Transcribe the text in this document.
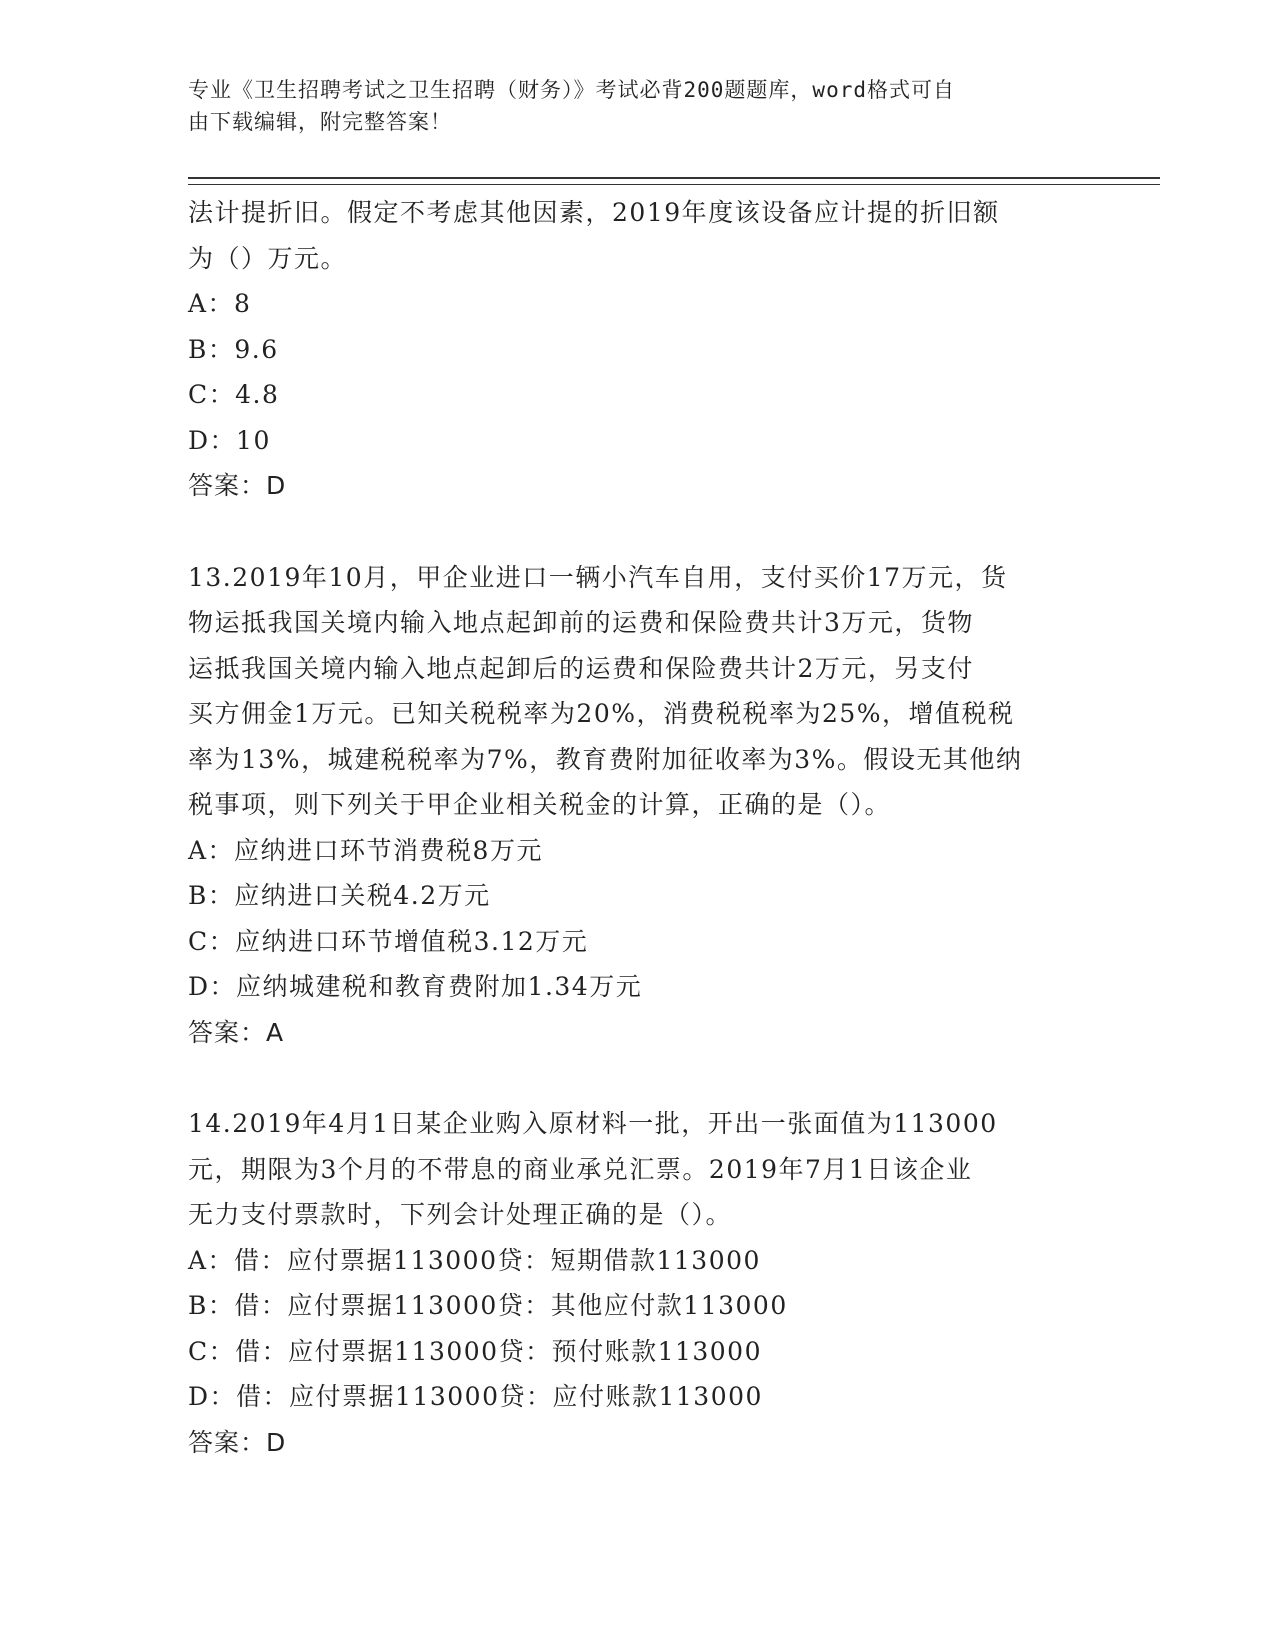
专业《卫生招聘考试之卫生招聘（财务）》考试必背200题题库，word格式可自
由下载编辑，附完整答案！
法计提折旧。假定不考虑其他因素，2019年度该设备应计提的折旧额
为（）万元。
A：8
B：9.6
C：4.8
D：10
答案：D
13.2019年10月，甲企业进口一辆小汽车自用，支付买价17万元，货
物运抵我国关境内输入地点起卸前的运费和保险费共计3万元，货物
运抵我国关境内输入地点起卸后的运费和保险费共计2万元，另支付
买方佣金1万元。已知关税税率为20%，消费税税率为25%，增值税税
率为13%，城建税税率为7%，教育费附加征收率为3%。假设无其他纳
税事项，则下列关于甲企业相关税金的计算，正确的是（）。
A：应纳进口环节消费税8万元
B：应纳进口关税4.2万元
C：应纳进口环节增值税3.12万元
D：应纳城建税和教育费附加1.34万元
答案：A
14.2019年4月1日某企业购入原材料一批，开出一张面值为113000
元，期限为3个月的不带息的商业承兑汇票。2019年7月1日该企业
无力支付票款时，下列会计处理正确的是（）。
A：借：应付票据113000贷：短期借款113000
B：借：应付票据113000贷：其他应付款113000
C：借：应付票据113000贷：预付账款113000
D：借：应付票据113000贷：应付账款113000
答案：D
